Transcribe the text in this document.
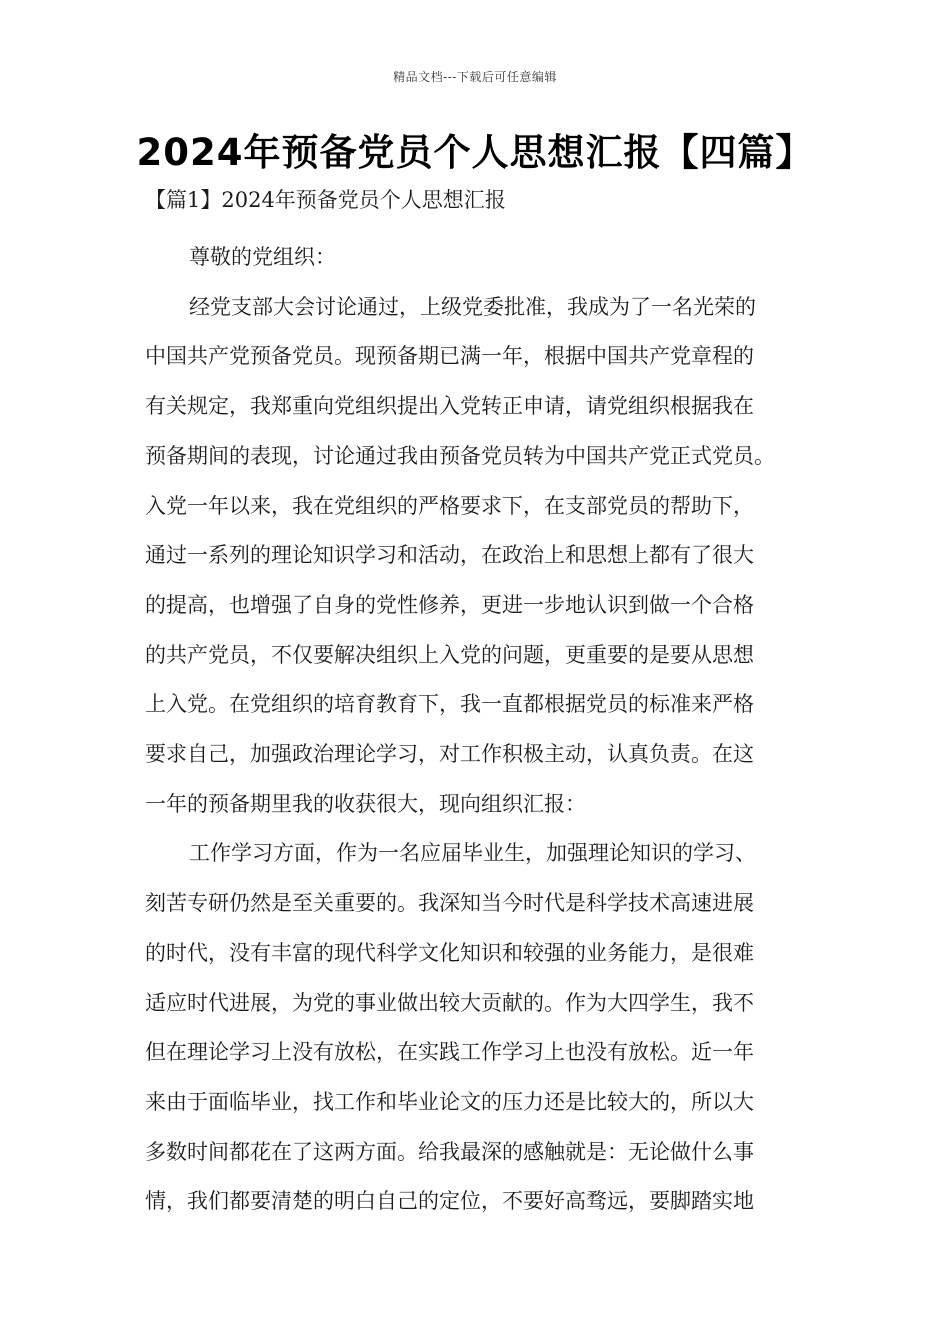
精品文档---下载后可任意编辑
2024年预备党员个人思想汇报【四篇】
【篇1】2024年预备党员个人思想汇报

尊敬的党组织：

经党支部大会讨论通过，上级党委批准，我成为了一名光荣的
中国共产党预备党员。现预备期已满一年，根据中国共产党章程的
有关规定，我郑重向党组织提出入党转正申请，请党组织根据我在
预备期间的表现，讨论通过我由预备党员转为中国共产党正式党员。
入党一年以来，我在党组织的严格要求下，在支部党员的帮助下，
通过一系列的理论知识学习和活动，在政治上和思想上都有了很大
的提高，也增强了自身的党性修养，更进一步地认识到做一个合格
的共产党员，不仅要解决组织上入党的问题，更重要的是要从思想
上入党。在党组织的培育教育下，我一直都根据党员的标准来严格
要求自己，加强政治理论学习，对工作积极主动，认真负责。在这
一年的预备期里我的收获很大，现向组织汇报：

工作学习方面，作为一名应届毕业生，加强理论知识的学习、
刻苦专研仍然是至关重要的。我深知当今时代是科学技术高速进展
的时代，没有丰富的现代科学文化知识和较强的业务能力，是很难
适应时代进展，为党的事业做出较大贡献的。作为大四学生，我不
但在理论学习上没有放松，在实践工作学习上也没有放松。近一年
来由于面临毕业，找工作和毕业论文的压力还是比较大的，所以大
多数时间都花在了这两方面。给我最深的感触就是：无论做什么事
情，我们都要清楚的明白自己的定位，不要好高骛远，要脚踏实地
